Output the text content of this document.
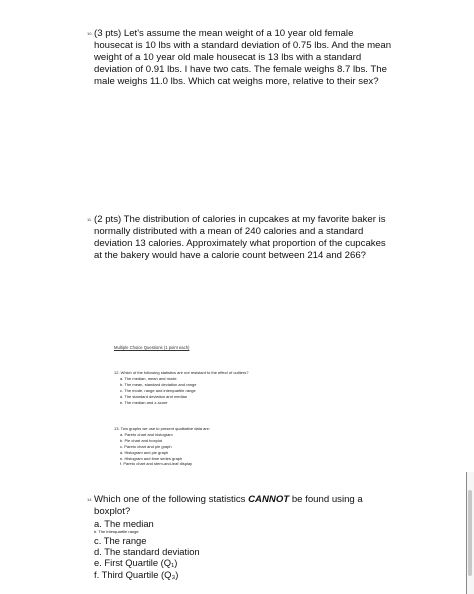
10. (3 pts) Let's assume the mean weight of a 10 year old female housecat is 10 lbs with a standard deviation of 0.75 lbs. And the mean weight of a 10 year old male housecat is 13 lbs with a standard deviation of 0.91 lbs. I have two cats. The female weighs 8.7 lbs. The male weighs 11.0 lbs. Which cat weighs more, relative to their sex?
11. (2 pts) The distribution of calories in cupcakes at my favorite baker is normally distributed with a mean of 240 calories and a standard deviation 13 calories. Approximately what proportion of the cupcakes at the bakery would have a calorie count between 214 and 266?
Multiple Choice Questions (1 point each)
12. Which of the following statistics are not resistant to the effect of outliers?
a. The median, mean and mode
b. The mean, standard deviation and range
c. The mode, range and interquartile range
d. The standard deviation and median
e. The median and z-score
13. Two graphs we use to present qualitative data are:
a. Pareto chart and histogram
b. Pie chart and boxplot
c. Pareto chart and pie graph
d. Histogram and pie graph
e. Histogram and time series graph
f. Pareto chart and stem-and-leaf display
14. Which one of the following statistics CANNOT be found using a boxplot?
a. The median
b. The interquartile range
c. The range
d. The standard deviation
e. First Quartile (Q₁)
f. Third Quartile (Q₃)
